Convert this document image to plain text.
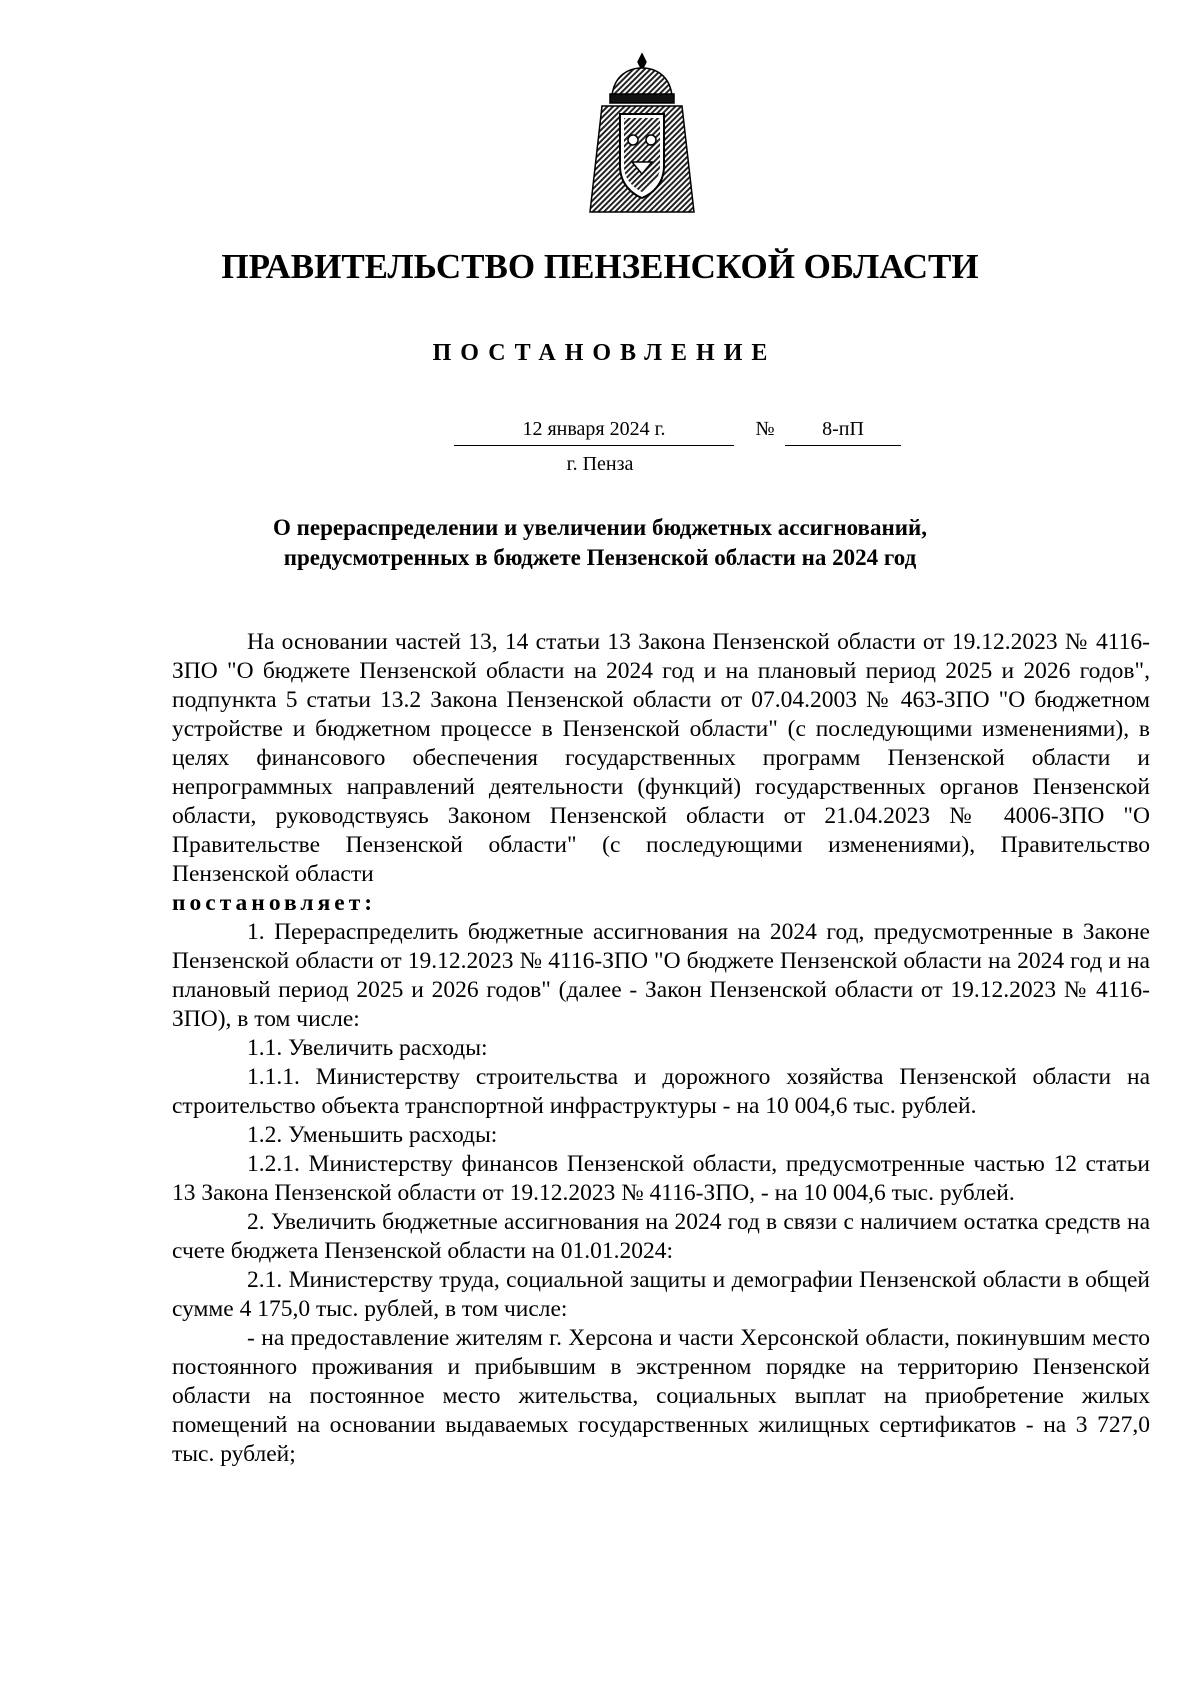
ПРАВИТЕЛЬСТВО ПЕНЗЕНСКОЙ ОБЛАСТИ
ПОСТАНОВЛЕНИЕ
12 января 2024 г.	№	8-пП
г. Пенза
О перераспределении и увеличении бюджетных ассигнований,
предусмотренных в бюджете Пензенской области на 2024 год

На основании частей 13, 14 статьи 13 Закона Пензенской области от 19.12.2023 № 4116-ЗПО "О бюджете Пензенской области на 2024 год и на плановый период 2025 и 2026 годов", подпункта 5 статьи 13.2 Закона Пензенской области от 07.04.2003 № 463-ЗПО "О бюджетном устройстве и бюджетном процессе в Пензенской области" (с последующими изменениями), в целях финансового обеспечения государственных программ Пензенской области и непрограммных направлений деятельности (функций) государственных органов Пензенской области, руководствуясь Законом Пензенской области от 21.04.2023 № 4006-ЗПО "О Правительстве Пензенской области" (с последующими изменениями), Правительство Пензенской области

постановляет:

1. Перераспределить бюджетные ассигнования на 2024 год, предусмотренные в Законе Пензенской области от 19.12.2023 № 4116-ЗПО "О бюджете Пензенской области на 2024 год и на плановый период 2025 и 2026 годов" (далее - Закон Пензенской области от 19.12.2023 № 4116-ЗПО), в том числе:

1.1. Увеличить расходы:

1.1.1. Министерству строительства и дорожного хозяйства Пензенской области на строительство объекта транспортной инфраструктуры - на 10 004,6 тыс. рублей.

1.2. Уменьшить расходы:

1.2.1. Министерству финансов Пензенской области, предусмотренные частью 12 статьи 13 Закона Пензенской области от 19.12.2023 № 4116-ЗПО, - на 10 004,6 тыс. рублей.

2. Увеличить бюджетные ассигнования на 2024 год в связи с наличием остатка средств на счете бюджета Пензенской области на 01.01.2024:

2.1. Министерству труда, социальной защиты и демографии Пензенской области в общей сумме 4 175,0 тыс. рублей, в том числе:

- на предоставление жителям г. Херсона и части Херсонской области, покинувшим место постоянного проживания и прибывшим в экстренном порядке на территорию Пензенской области на постоянное место жительства, социальных выплат на приобретение жилых помещений на основании выдаваемых государственных жилищных сертификатов - на 3 727,0 тыс. рублей;
